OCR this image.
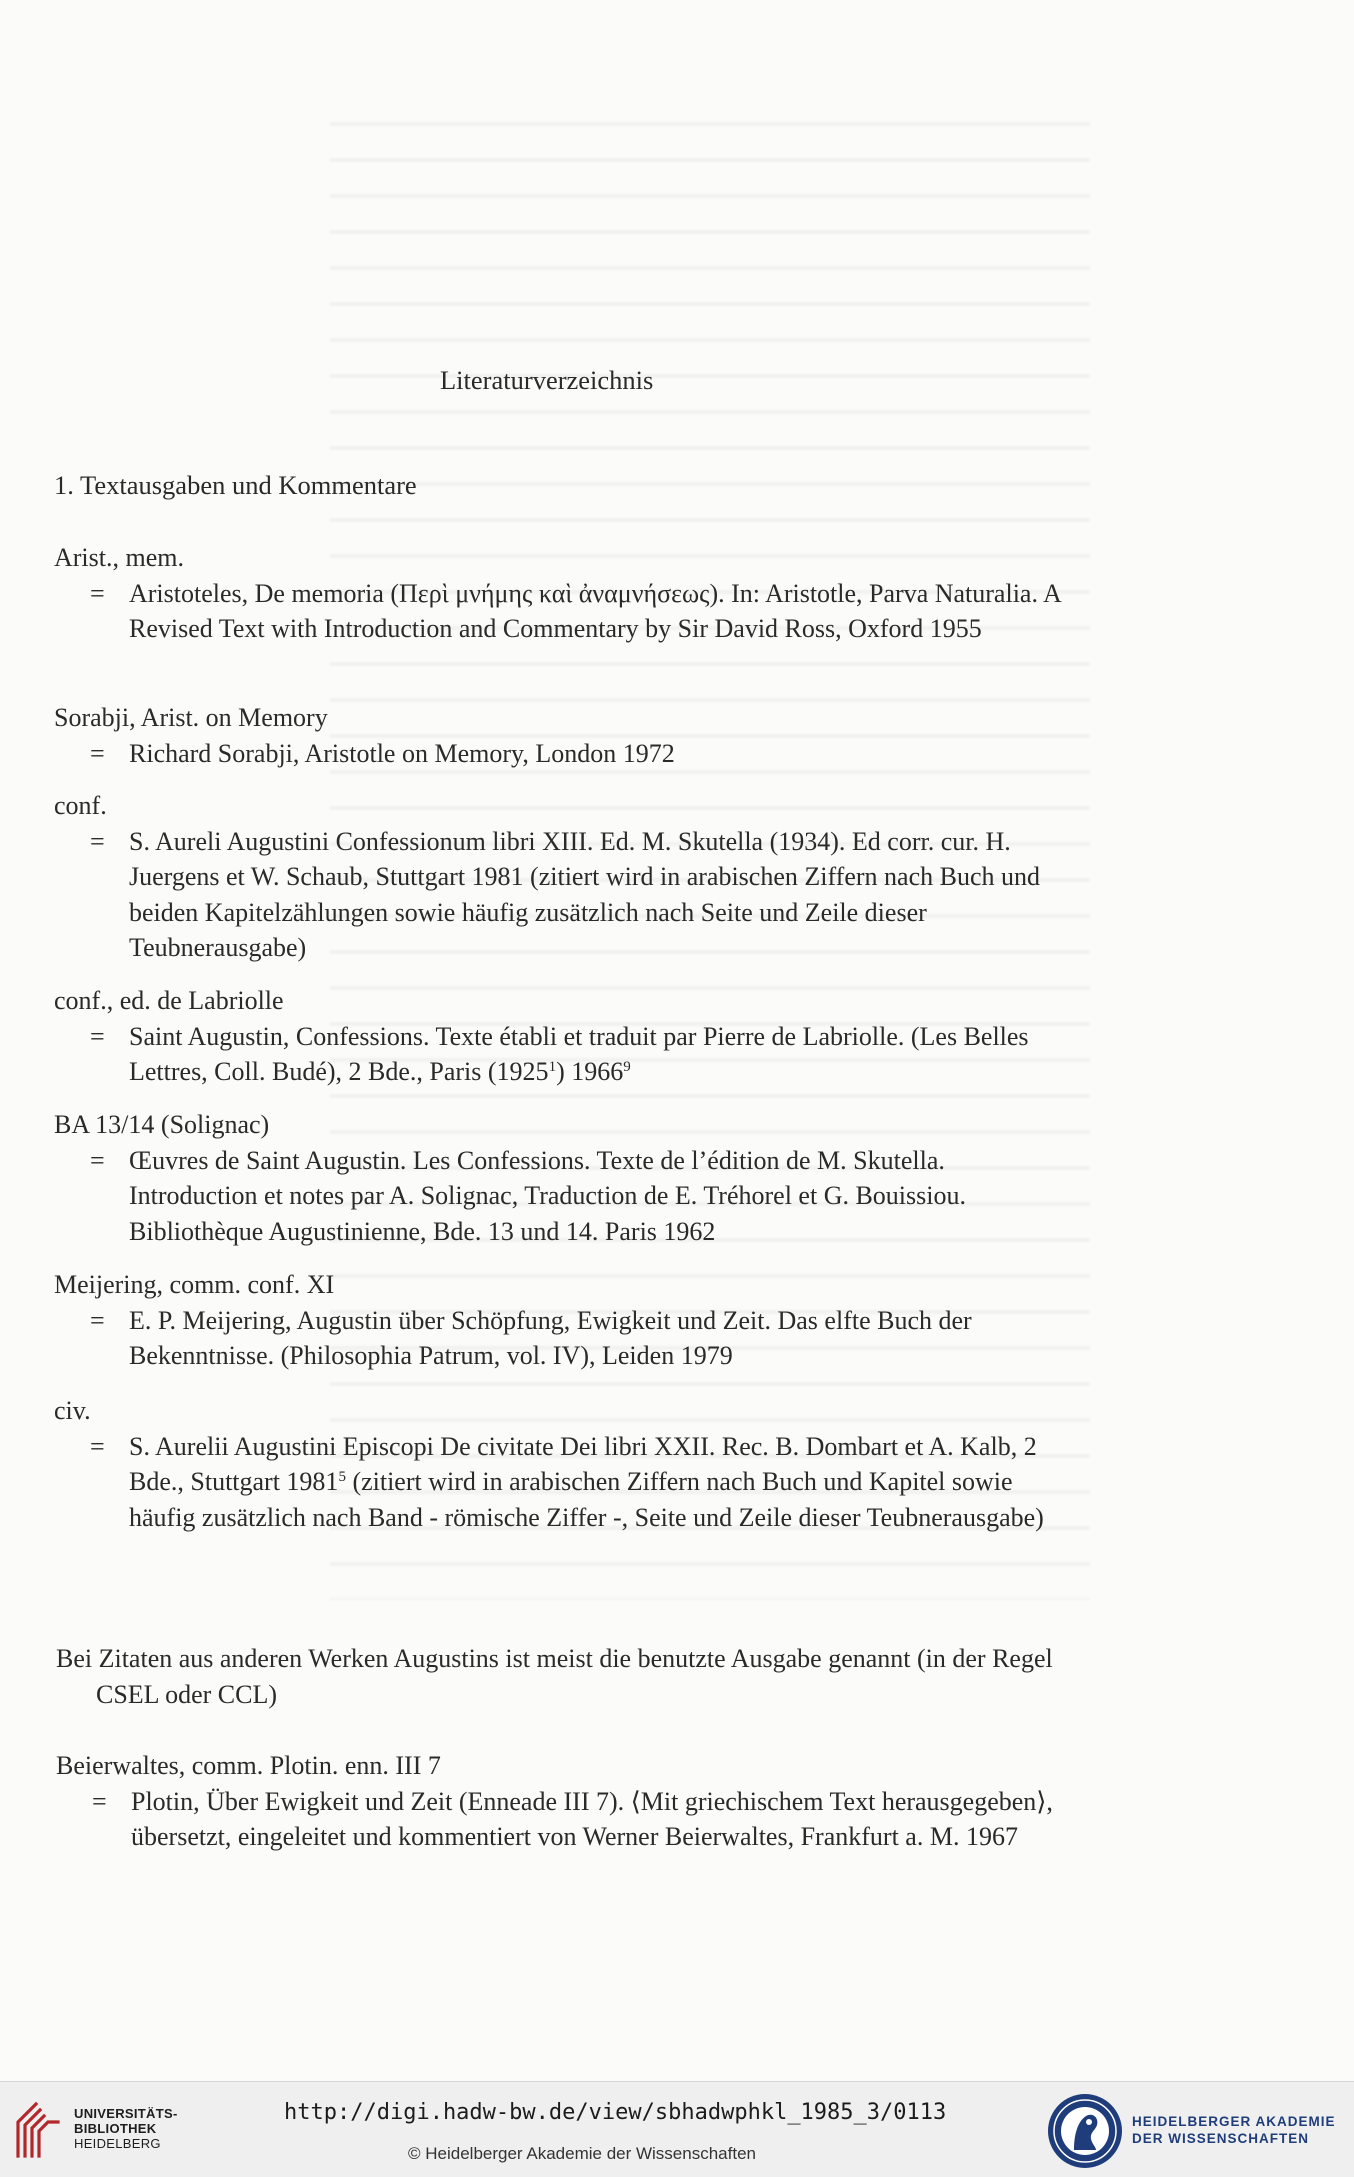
Literaturverzeichnis
1. Textausgaben und Kommentare
Arist., mem.
= Aristoteles, De memoria (Περὶ μνήμης καὶ ἀναμνήσεως). In: Aristotle, Parva Naturalia. A Revised Text with Introduction and Commentary by Sir David Ross, Oxford 1955
Sorabji, Arist. on Memory
= Richard Sorabji, Aristotle on Memory, London 1972
conf.
= S. Aureli Augustini Confessionum libri XIII. Ed. M. Skutella (1934). Ed corr. cur. H. Juergens et W. Schaub, Stuttgart 1981 (zitiert wird in arabischen Ziffern nach Buch und beiden Kapitelzählungen sowie häufig zusätzlich nach Seite und Zeile dieser Teubnerausgabe)
conf., ed. de Labriolle
= Saint Augustin, Confessions. Texte établi et traduit par Pierre de Labriolle. (Les Belles Lettres, Coll. Budé), 2 Bde., Paris (1925$^1$) 1966$^9$
BA 13/14 (Solignac)
= Œuvres de Saint Augustin. Les Confessions. Texte de l’édition de M. Skutella. Introduction et notes par A. Solignac, Traduction de E. Tréhorel et G. Bouissiou. Bibliothèque Augustinienne, Bde. 13 und 14. Paris 1962
Meijering, comm. conf. XI
= E. P. Meijering, Augustin über Schöpfung, Ewigkeit und Zeit. Das elfte Buch der Bekenntnisse. (Philosophia Patrum, vol. IV), Leiden 1979
civ.
= S. Aurelii Augustini Episcopi De civitate Dei libri XXII. Rec. B. Dombart et A. Kalb, 2 Bde., Stuttgart 1981$^5$ (zitiert wird in arabischen Ziffern nach Buch und Kapitel sowie häufig zusätzlich nach Band - römische Ziffer -, Seite und Zeile dieser Teubnerausgabe)
Bei Zitaten aus anderen Werken Augustins ist meist die benutzte Ausgabe genannt (in der Regel CSEL oder CCL)
Beierwaltes, comm. Plotin. enn. III 7
= Plotin, Über Ewigkeit und Zeit (Enneade III 7). ⟨Mit griechischem Text herausgegeben⟩, übersetzt, eingeleitet und kommentiert von Werner Beierwaltes, Frankfurt a. M. 1967
UNIVERSITÄTS-
BIBLIOTHEK
HEIDELBERG
http://digi.hadw-bw.de/view/sbhadwphkl_1985_3/0113
© Heidelberger Akademie der Wissenschaften
HEIDELBERGER AKADEMIE
DER WISSENSCHAFTEN
